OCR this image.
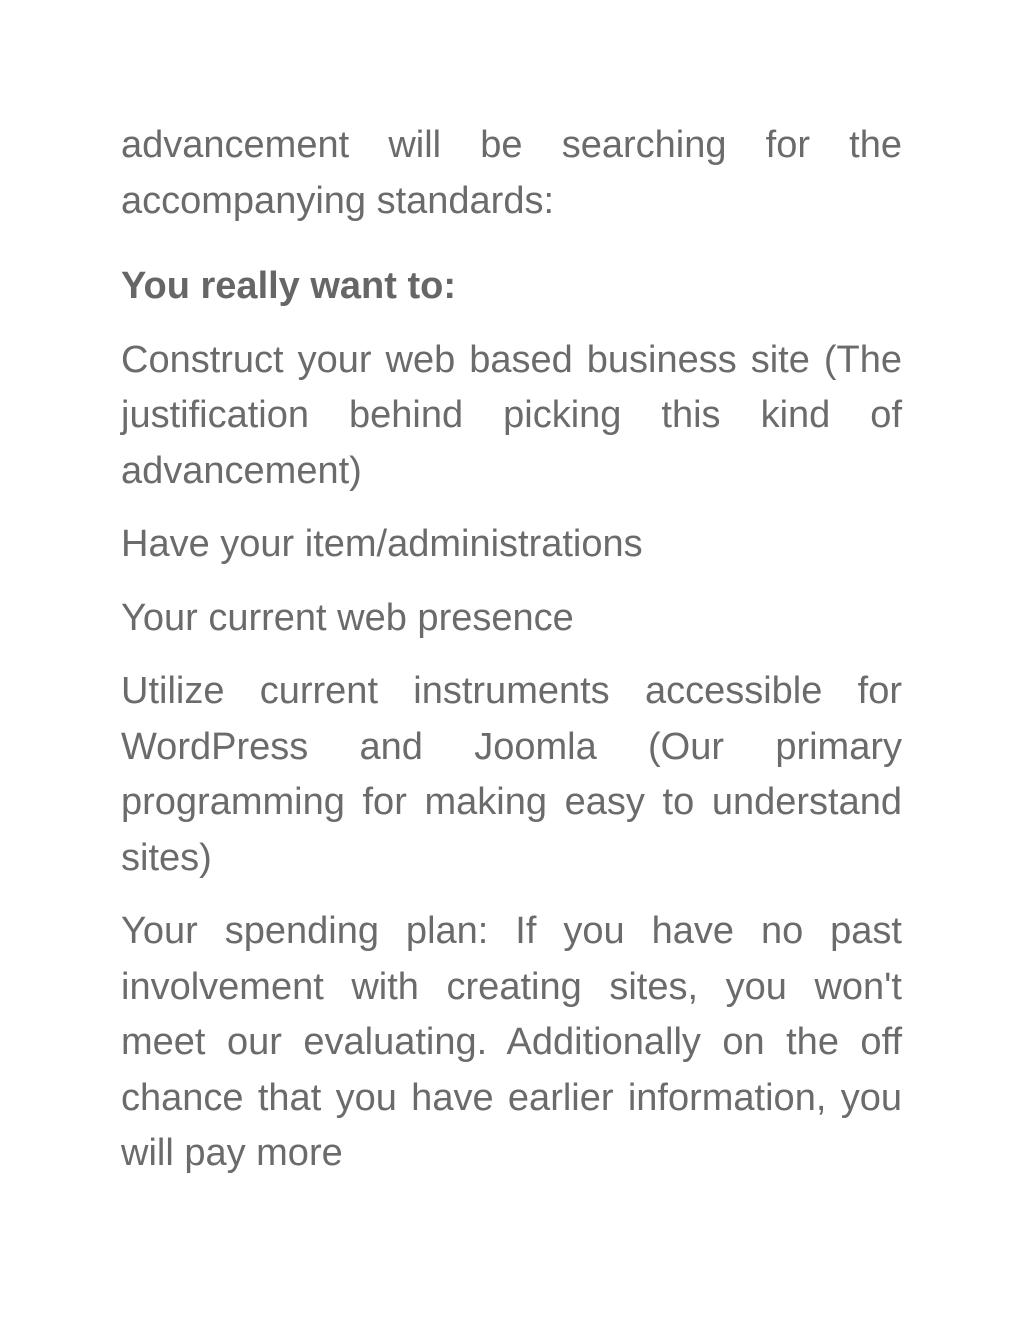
advancement will be searching for the accompanying standards:

You really want to:

Construct your web based business site (The justification behind picking this kind of advancement)

Have your item/administrations

Your current web presence

Utilize current instruments accessible for WordPress and Joomla (Our primary programming for making easy to understand sites)

Your spending plan: If you have no past involvement with creating sites, you won't meet our evaluating. Additionally on the off chance that you have earlier information, you will pay more
